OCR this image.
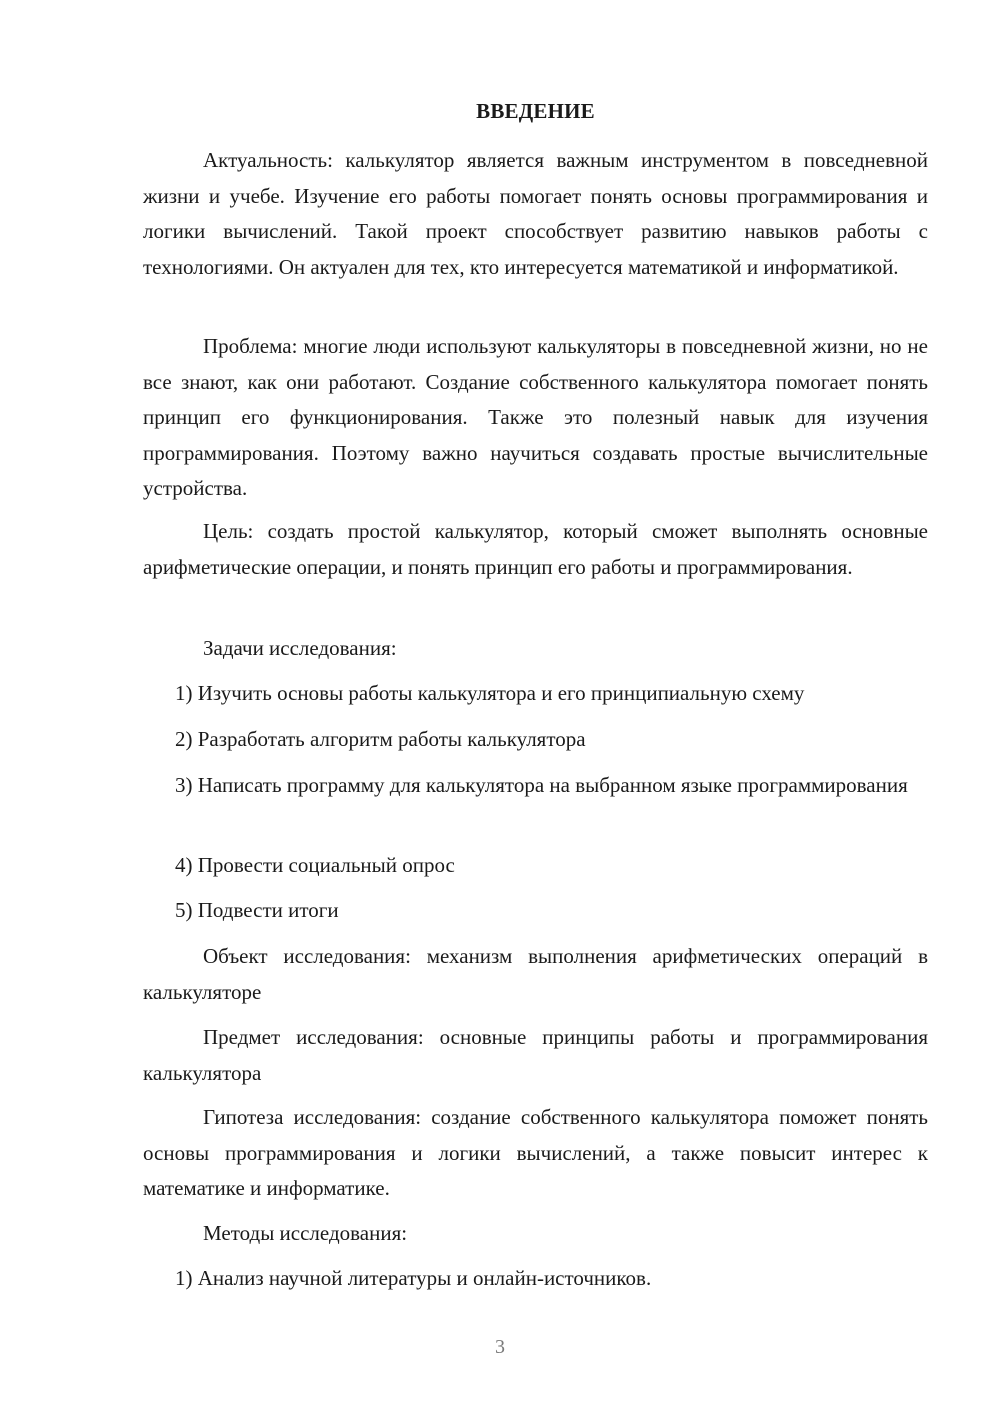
ВВЕДЕНИЕ

Актуальность: калькулятор является важным инструментом в повседневной жизни и учебе. Изучение его работы помогает понять основы программирования и логики вычислений. Такой проект способствует развитию навыков работы с технологиями. Он актуален для тех, кто интересуется математикой и информатикой.

Проблема: многие люди используют калькуляторы в повседневной жизни, но не все знают, как они работают. Создание собственного калькулятора помогает понять принцип его функционирования. Также это полезный навык для изучения программирования. Поэтому важно научиться создавать простые вычислительные устройства.

Цель: создать простой калькулятор, который сможет выполнять основные арифметические операции, и понять принцип его работы и программирования.

Задачи исследования:

1) Изучить основы работы калькулятора и его принципиальную схему

2) Разработать алгоритм работы калькулятора

3) Написать программу для калькулятора на выбранном языке программирования

4) Провести социальный опрос

5) Подвести итоги

Объект исследования: механизм выполнения арифметических операций в калькуляторе

Предмет исследования: основные принципы работы и программирования калькулятора

Гипотеза исследования: создание собственного калькулятора поможет понять основы программирования и логики вычислений, а также повысит интерес к математике и информатике.

Методы исследования:

1) Анализ научной литературы и онлайн-источников.

3
